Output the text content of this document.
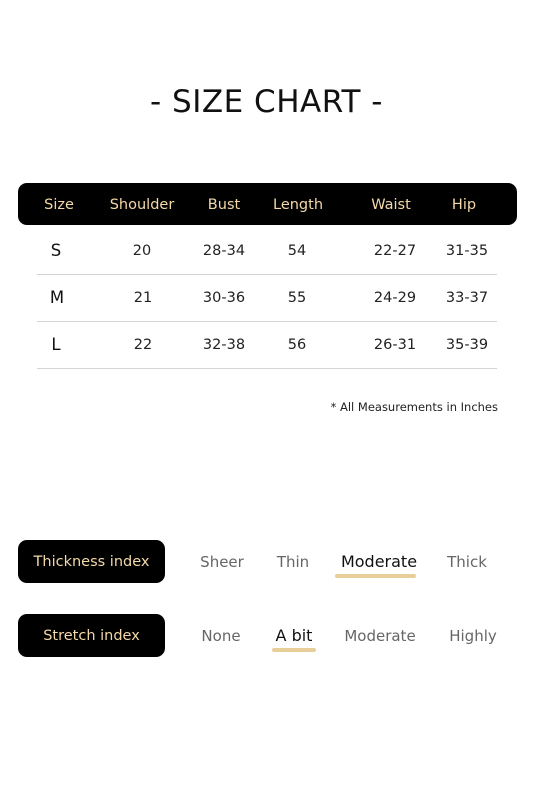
- SIZE CHART -
Size Shoulder Bust Length	Waist	Hip
S	20	28-34	54	22-27 31-35
M	21	30-36	55	24-29 33-37
L	22	32-38	56	26-31 35-39
* All Measurements in Inches
Thickness index	Sheer Thin Moderate Thick
Stretch index	None A bit Moderate Highly
